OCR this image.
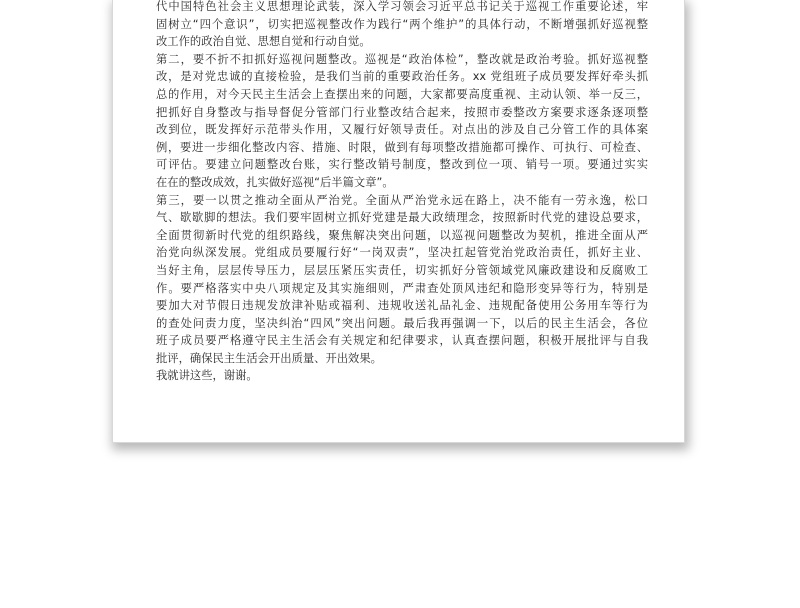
代中国特色社会主义思想理论武装，深入学习领会习近平总书记关于巡视工作重要论述，牢
固树立“四个意识”，切实把巡视整改作为践行“两个维护”的具体行动，不断增强抓好巡视整
改工作的政治自觉、思想自觉和行动自觉。
第二，要不折不扣抓好巡视问题整改。巡视是“政治体检”，整改就是政治考验。抓好巡视整
改，是对党忠诚的直接检验，是我们当前的重要政治任务。xx 党组班子成员要发挥好牵头抓
总的作用，对今天民主生活会上查摆出来的问题，大家都要高度重视、主动认领、举一反三，
把抓好自身整改与指导督促分管部门行业整改结合起来，按照市委整改方案要求逐条逐项整
改到位，既发挥好示范带头作用，又履行好领导责任。对点出的涉及自己分管工作的具体案
例，要进一步细化整改内容、措施、时限，做到有每项整改措施都可操作、可执行、可检查、
可评估。要建立问题整改台账，实行整改销号制度，整改到位一项、销号一项。要通过实实
在在的整改成效，扎实做好巡视“后半篇文章”。
第三，要一以贯之推动全面从严治党。全面从严治党永远在路上，决不能有一劳永逸，松口
气、歇歇脚的想法。我们要牢固树立抓好党建是最大政绩理念，按照新时代党的建设总要求，
全面贯彻新时代党的组织路线，聚焦解决突出问题，以巡视问题整改为契机，推进全面从严
治党向纵深发展。党组成员要履行好“一岗双责”，坚决扛起管党治党政治责任，抓好主业、
当好主角，层层传导压力，层层压紧压实责任，切实抓好分管领域党风廉政建设和反腐败工
作。要严格落实中央八项规定及其实施细则，严肃查处顶风违纪和隐形变异等行为，特别是
要加大对节假日违规发放津补贴或福利、违规收送礼品礼金、违规配备使用公务用车等行为
的查处问责力度，坚决纠治“四风”突出问题。最后我再强调一下，以后的民主生活会，各位
班子成员要严格遵守民主生活会有关规定和纪律要求，认真查摆问题，积极开展批评与自我
批评，确保民主生活会开出质量、开出效果。
我就讲这些，谢谢。
